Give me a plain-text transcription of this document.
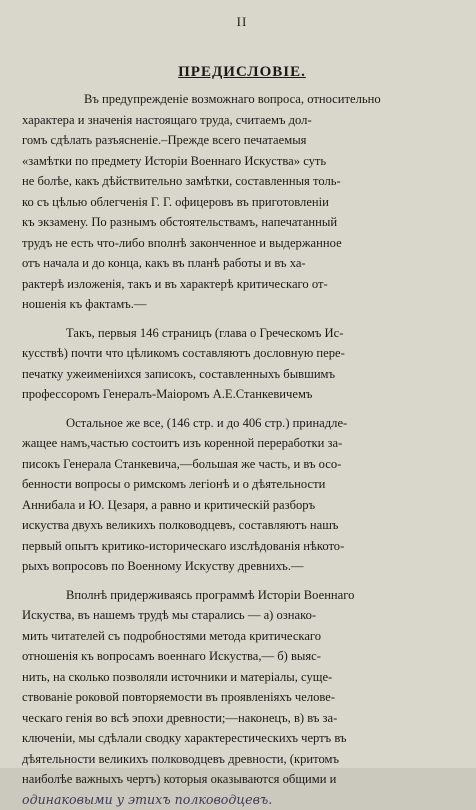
II
ПРЕДИСЛОВІЕ.
Въ предупрежденіе возможнаго вопроса, относительно
характера и значенія настоящаго труда, считаемъ дол-
гомъ сдѣлать разъясненіе.–Прежде всего печатаемыя
«замѣтки по предмету Исторіи Военнаго Искуства» суть
не болѣе, какъ дѣйствительно замѣтки, составленныя толь-
ко съ цѣлью облегченія Г. Г. офицеровъ въ приготовленіи
къ экзамену. По разнымъ обстоятельствамъ, напечатанный
трудъ не есть что-либо вполнѣ законченное и выдержанное
отъ начала и до конца, какъ въ планѣ работы и въ ха-
рактерѣ изложенія, такъ и въ характерѣ критическаго от-
ношенія къ фактамъ.—
Такъ, первыя 146 страницъ (глава о Греческомъ Ис-
кусствѣ) почти что цѣликомъ составляютъ дословную пере-
печатку ужеименіихся записокъ, составленныхъ бывшимъ
профессоромъ Генералъ-Маіоромъ А.Е.Станкевичемъ
Остальное же все, (146 стр. и до 406 стр.) принадле-
жащее намъ,частью состоитъ изъ коренной переработки за-
писокъ Генерала Станкевича,—большая же часть, и въ осо-
бенности вопросы о римскомъ легіонѣ и о дѣятельности
Аннибала и Ю. Цезаря, а равно и критическій разборъ
искуства двухъ великихъ полководцевъ, составляютъ нашъ
первый опытъ критико-историческаго изслѣдованія нѣкото-
рыхъ вопросовъ по Военному Искуству древнихъ.—
Вполнѣ придерживаясь программѣ Исторіи Военнаго
Искуства, въ нашемъ трудѣ мы старались — а) ознако-
мить читателей съ подробностями метода критическаго
отношенія къ вопросамъ военнаго Искуства,— б) выяс-
нить, на сколько позволяли источники и матеріалы, суще-
ствованіе роковой повторяемости въ проявленіяхъ челове-
ческаго генія во всѣ эпохи древности;—наконецъ, в) въ за-
ключеніи, мы сдѣлали сводку характерестическихъ чертъ въ
дѣятельности великихъ полководцевъ древности, (критомъ
наиболѣе важныхъ чертъ) которыя оказываются общими и
одинаковыми у этихъ полководцевъ.
